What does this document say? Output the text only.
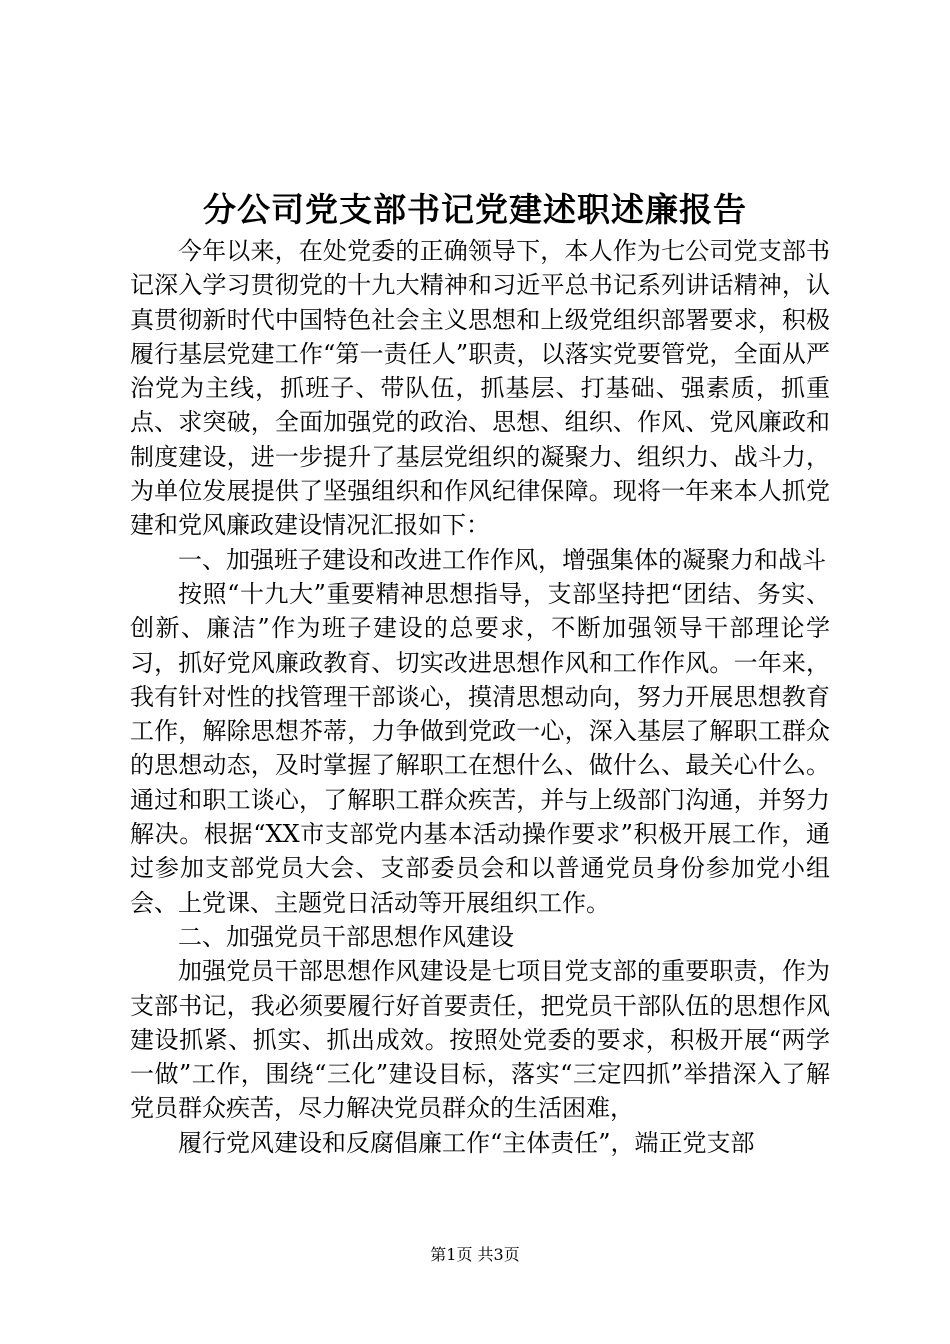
分公司党支部书记党建述职述廉报告

今年以来，在处党委的正确领导下，本人作为七公司党支部书记深入学习贯彻党的十九大精神和习近平总书记系列讲话精神，认真贯彻新时代中国特色社会主义思想和上级党组织部署要求，积极履行基层党建工作“第一责任人”职责，以落实党要管党，全面从严治党为主线，抓班子、带队伍，抓基层、打基础、强素质，抓重点、求突破，全面加强党的政治、思想、组织、作风、党风廉政和制度建设，进一步提升了基层党组织的凝聚力、组织力、战斗力，为单位发展提供了坚强组织和作风纪律保障。现将一年来本人抓党建和党风廉政建设情况汇报如下：

一、加强班子建设和改进工作作风，增强集体的凝聚力和战斗

按照“十九大”重要精神思想指导，支部坚持把“团结、务实、创新、廉洁”作为班子建设的总要求，不断加强领导干部理论学习，抓好党风廉政教育、切实改进思想作风和工作作风。一年来，我有针对性的找管理干部谈心，摸清思想动向，努力开展思想教育工作，解除思想芥蒂，力争做到党政一心，深入基层了解职工群众的思想动态，及时掌握了解职工在想什么、做什么、最关心什么。通过和职工谈心，了解职工群众疾苦，并与上级部门沟通，并努力解决。根据“XX市支部党内基本活动操作要求”积极开展工作，通过参加支部党员大会、支部委员会和以普通党员身份参加党小组会、上党课、主题党日活动等开展组织工作。

二、加强党员干部思想作风建设

加强党员干部思想作风建设是七项目党支部的重要职责，作为支部书记，我必须要履行好首要责任，把党员干部队伍的思想作风建设抓紧、抓实、抓出成效。按照处党委的要求，积极开展“两学一做”工作，围绕“三化”建设目标，落实“三定四抓”举措深入了解党员群众疾苦，尽力解决党员群众的生活困难，

履行党风建设和反腐倡廉工作“主体责任”，端正党支部

第1页 共3页
